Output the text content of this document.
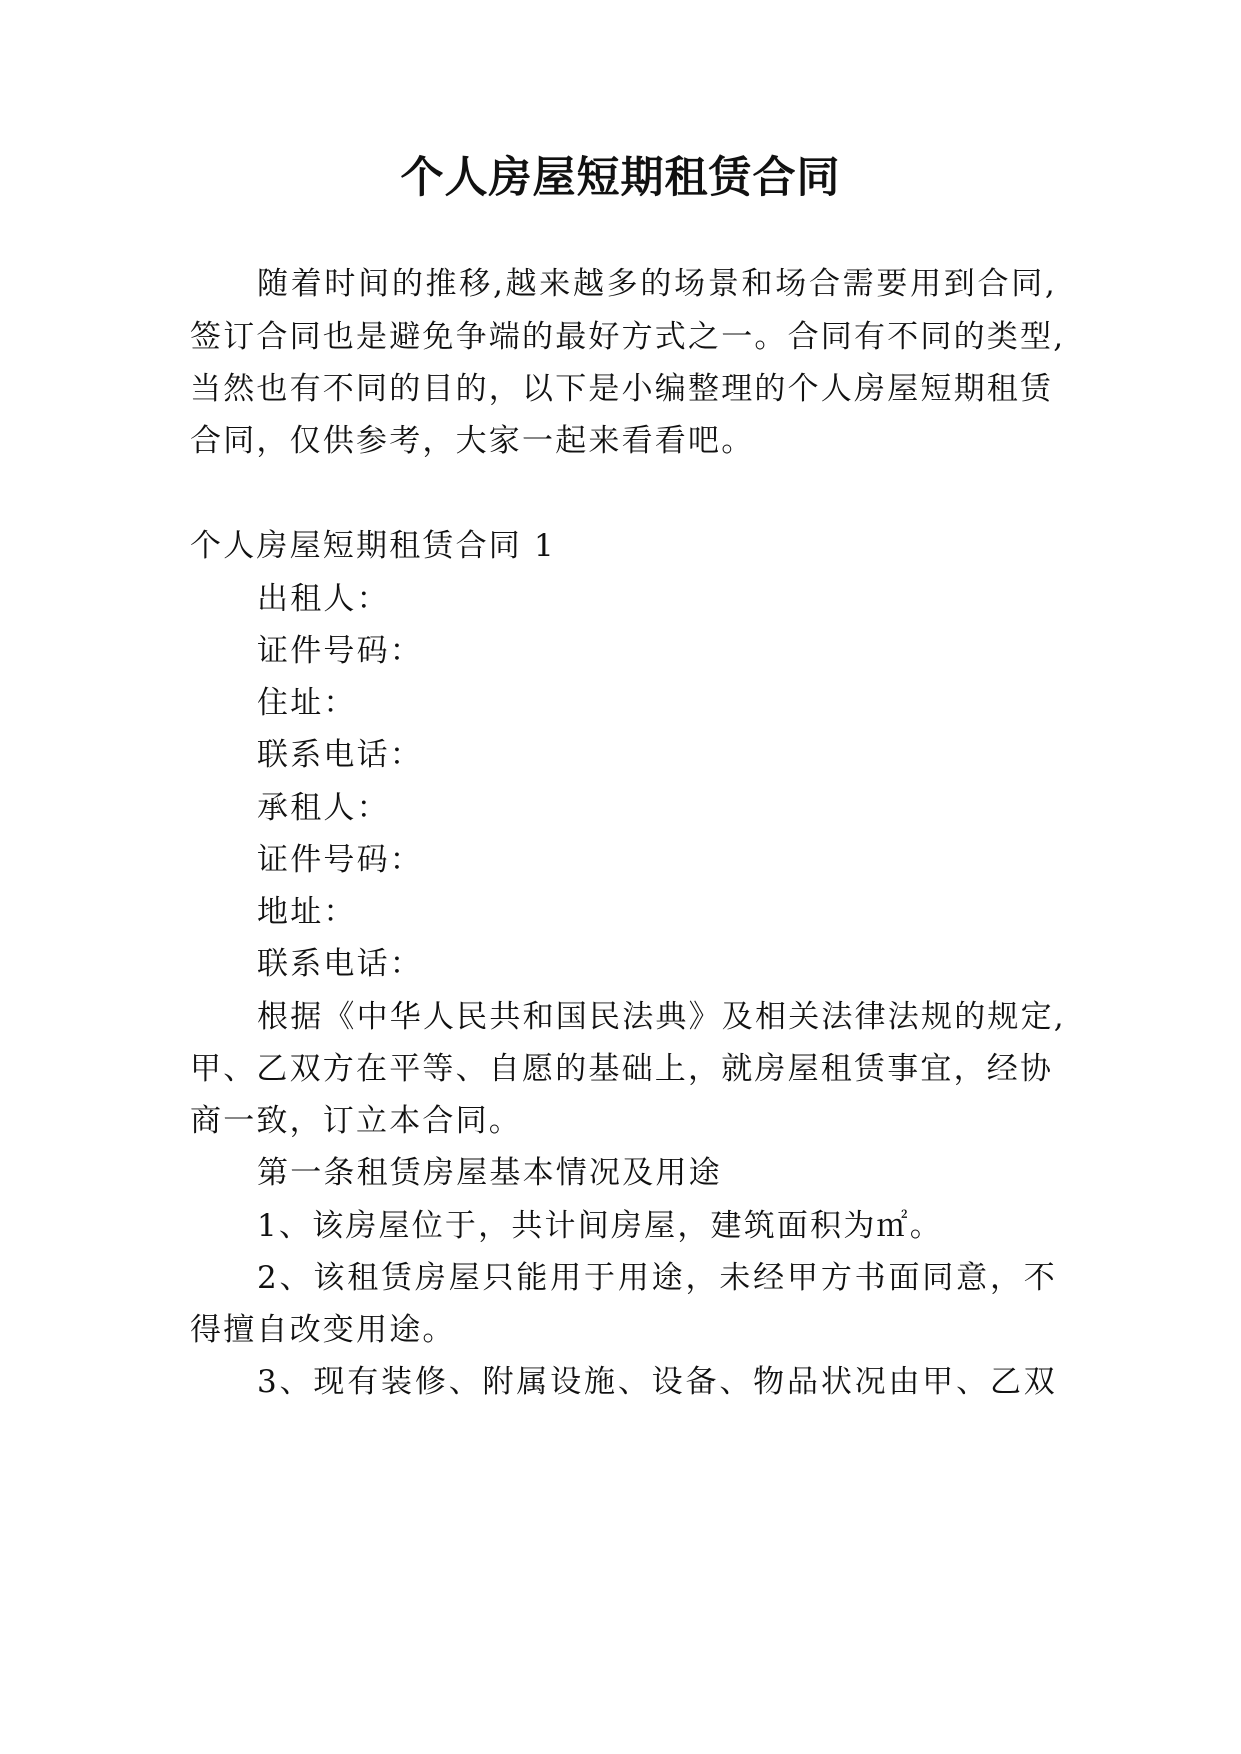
个人房屋短期租赁合同
随着时间的推移,越来越多的场景和场合需要用到合同,
签订合同也是避免争端的最好方式之一。合同有不同的类型,
当然也有不同的目的，以下是小编整理的个人房屋短期租赁
合同，仅供参考，大家一起来看看吧。
个人房屋短期租赁合同 1
出租人：
证件号码：
住址：
联系电话：
承租人：
证件号码：
地址：
联系电话：
根据《中华人民共和国民法典》及相关法律法规的规定,
甲、乙双方在平等、自愿的基础上，就房屋租赁事宜，经协
商一致，订立本合同。
第一条租赁房屋基本情况及用途
1、该房屋位于，共计间房屋，建筑面积为㎡。
2、该租赁房屋只能用于用途，未经甲方书面同意，不
得擅自改变用途。
3、现有装修、附属设施、设备、物品状况由甲、乙双
